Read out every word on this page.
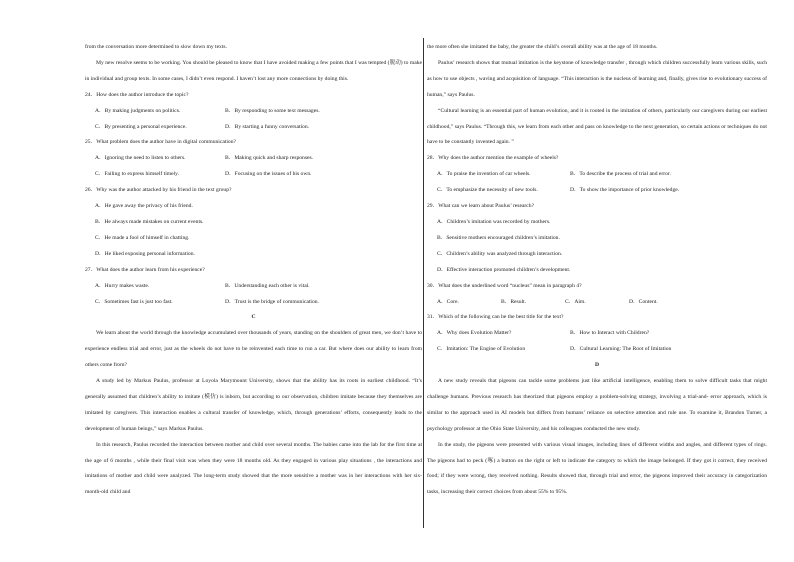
from the conversation more determined to slow down my texts.

My new resolve seems to be working. You should be pleased to know that I have avoided making a few points that I was tempted (脱动) to make in individual and group texts. In some cases, I didn’t even respond. I haven’t lost any more connections by doing this.

24．How does the author introduce the topic?

A．By making judgments on politics.	B．By responding to some text messages.
C．By presenting a personal experience.	D．By starting a funny conversation.

25．What problem does the author have in digital communication?

A．Ignoring the need to listen to others.	B．Making quick and sharp responses.
C．Failing to express himself timely.	D．Focusing on the issues of his own.

26．Why was the author attacked by his friend in the text group?

A．He gave away the privacy of his friend.

B．He always made mistakes on current events.

C．He made a fool of himself in chatting.

D．He liked exposing personal information.

27．What does the author learn from his experience?

A．Hurry makes waste.	B．Understanding each other is vital.
C．Sometimes fast is just too fast.	D．Trust is the bridge of communication.

C

We learn about the world through the knowledge accumulated over thousands of years, standing on the shoulders of great men, we don’t have to experience endless trial and error, just as the wheels do not have to be reinvented each time to run a car. But where does our ability to learn from others come from?

A study led by Markus Paulus, professor at Loyola Marymount University, shows that the ability has its roots in earliest childhood. “It’s generally assumed that children’s ability to imitate (模仿) is inborn, but according to our observation, children imitate because they themselves are imitated by caregivers. This interaction enables a cultural transfer of knowledge, which, through generations’ efforts, consequently leads to the development of human beings,” says Markus Paulus.

In this research, Paulus recorded the interaction between mother and child over several months. The babies came into the lab for the first time at the age of 6 months , while their final visit was when they were 18 months old. As they engaged in various play situations , the interactions and imitations of mother and child were analyzed. The long-term study showed that the more sensitive a mother was in her interactions with her six- month-old child and

the more often she imitated the baby, the greater the child’s overall ability was at the age of 18 months.

Paulus’ research shows that mutual imitation is the keystone of knowledge transfer , through which children successfully learn various skills, such as how to use objects , waving and acquisition of language. “This interaction is the nucleus of learning and, finally, gives rise to evolutionary success of human,” says Paulus.

“Cultural learning is an essential part of human evolution, and it is rooted in the imitation of others, particularly our caregivers during our earliest childhood,” says Paulus. “Through this, we learn from each other and pass on knowledge to the next generation, so certain actions or techniques do not have to be constantly invented again. ”

28．Why does the author mention the example of wheels?

A．To praise the invention of car wheels.	B．To describe the process of trial and error.
C．To emphasize the necessity of new tools.	D．To show the importance of prior knowledge.

29．What can we learn about Paulus’ research?

A．Children’s imitation was recorded by mothers.

B．Sensitive mothers encouraged children’s imitation.

C．Children’s ability was analyzed through interaction.

D．Effective interaction promoted children’s development.

30．What does the underlined word “nucleus” mean in paragraph 4?

A．Core.	B．Result.	C．Aim.	D．Content.

31．Which of the following can be the best title for the text?

A．Why does Evolution Matter?	B．How to Interact with Children?
C．Imitation: The Engine of Evolution	D．Cultural Learning: The Root of Imitation

D

A new study reveals that pigeons can tackle some problems just like artificial intelligence, enabling them to solve difficult tasks that might challenge humans. Previous research has theorized that pigeons employ a problem-solving strategy, involving a trial-and- error approach, which is similar to the approach used in AI models but differs from humans’ reliance on selective attention and rule use. To examine it, Brandon Turner, a psychology professor at the Ohio State University, and his colleagues conducted the new study.

In the study, the pigeons were presented with various visual images, including lines of different widths and angles, and different types of rings. The pigeons had to peck (啄) a button on the right or left to indicate the category to which the image belonged. If they got it correct, they received food; if they were wrong, they received nothing. Results showed that, through trial and error, the pigeons improved their accuracy in categorization tasks, increasing their correct choices from about 55% to 95%.
